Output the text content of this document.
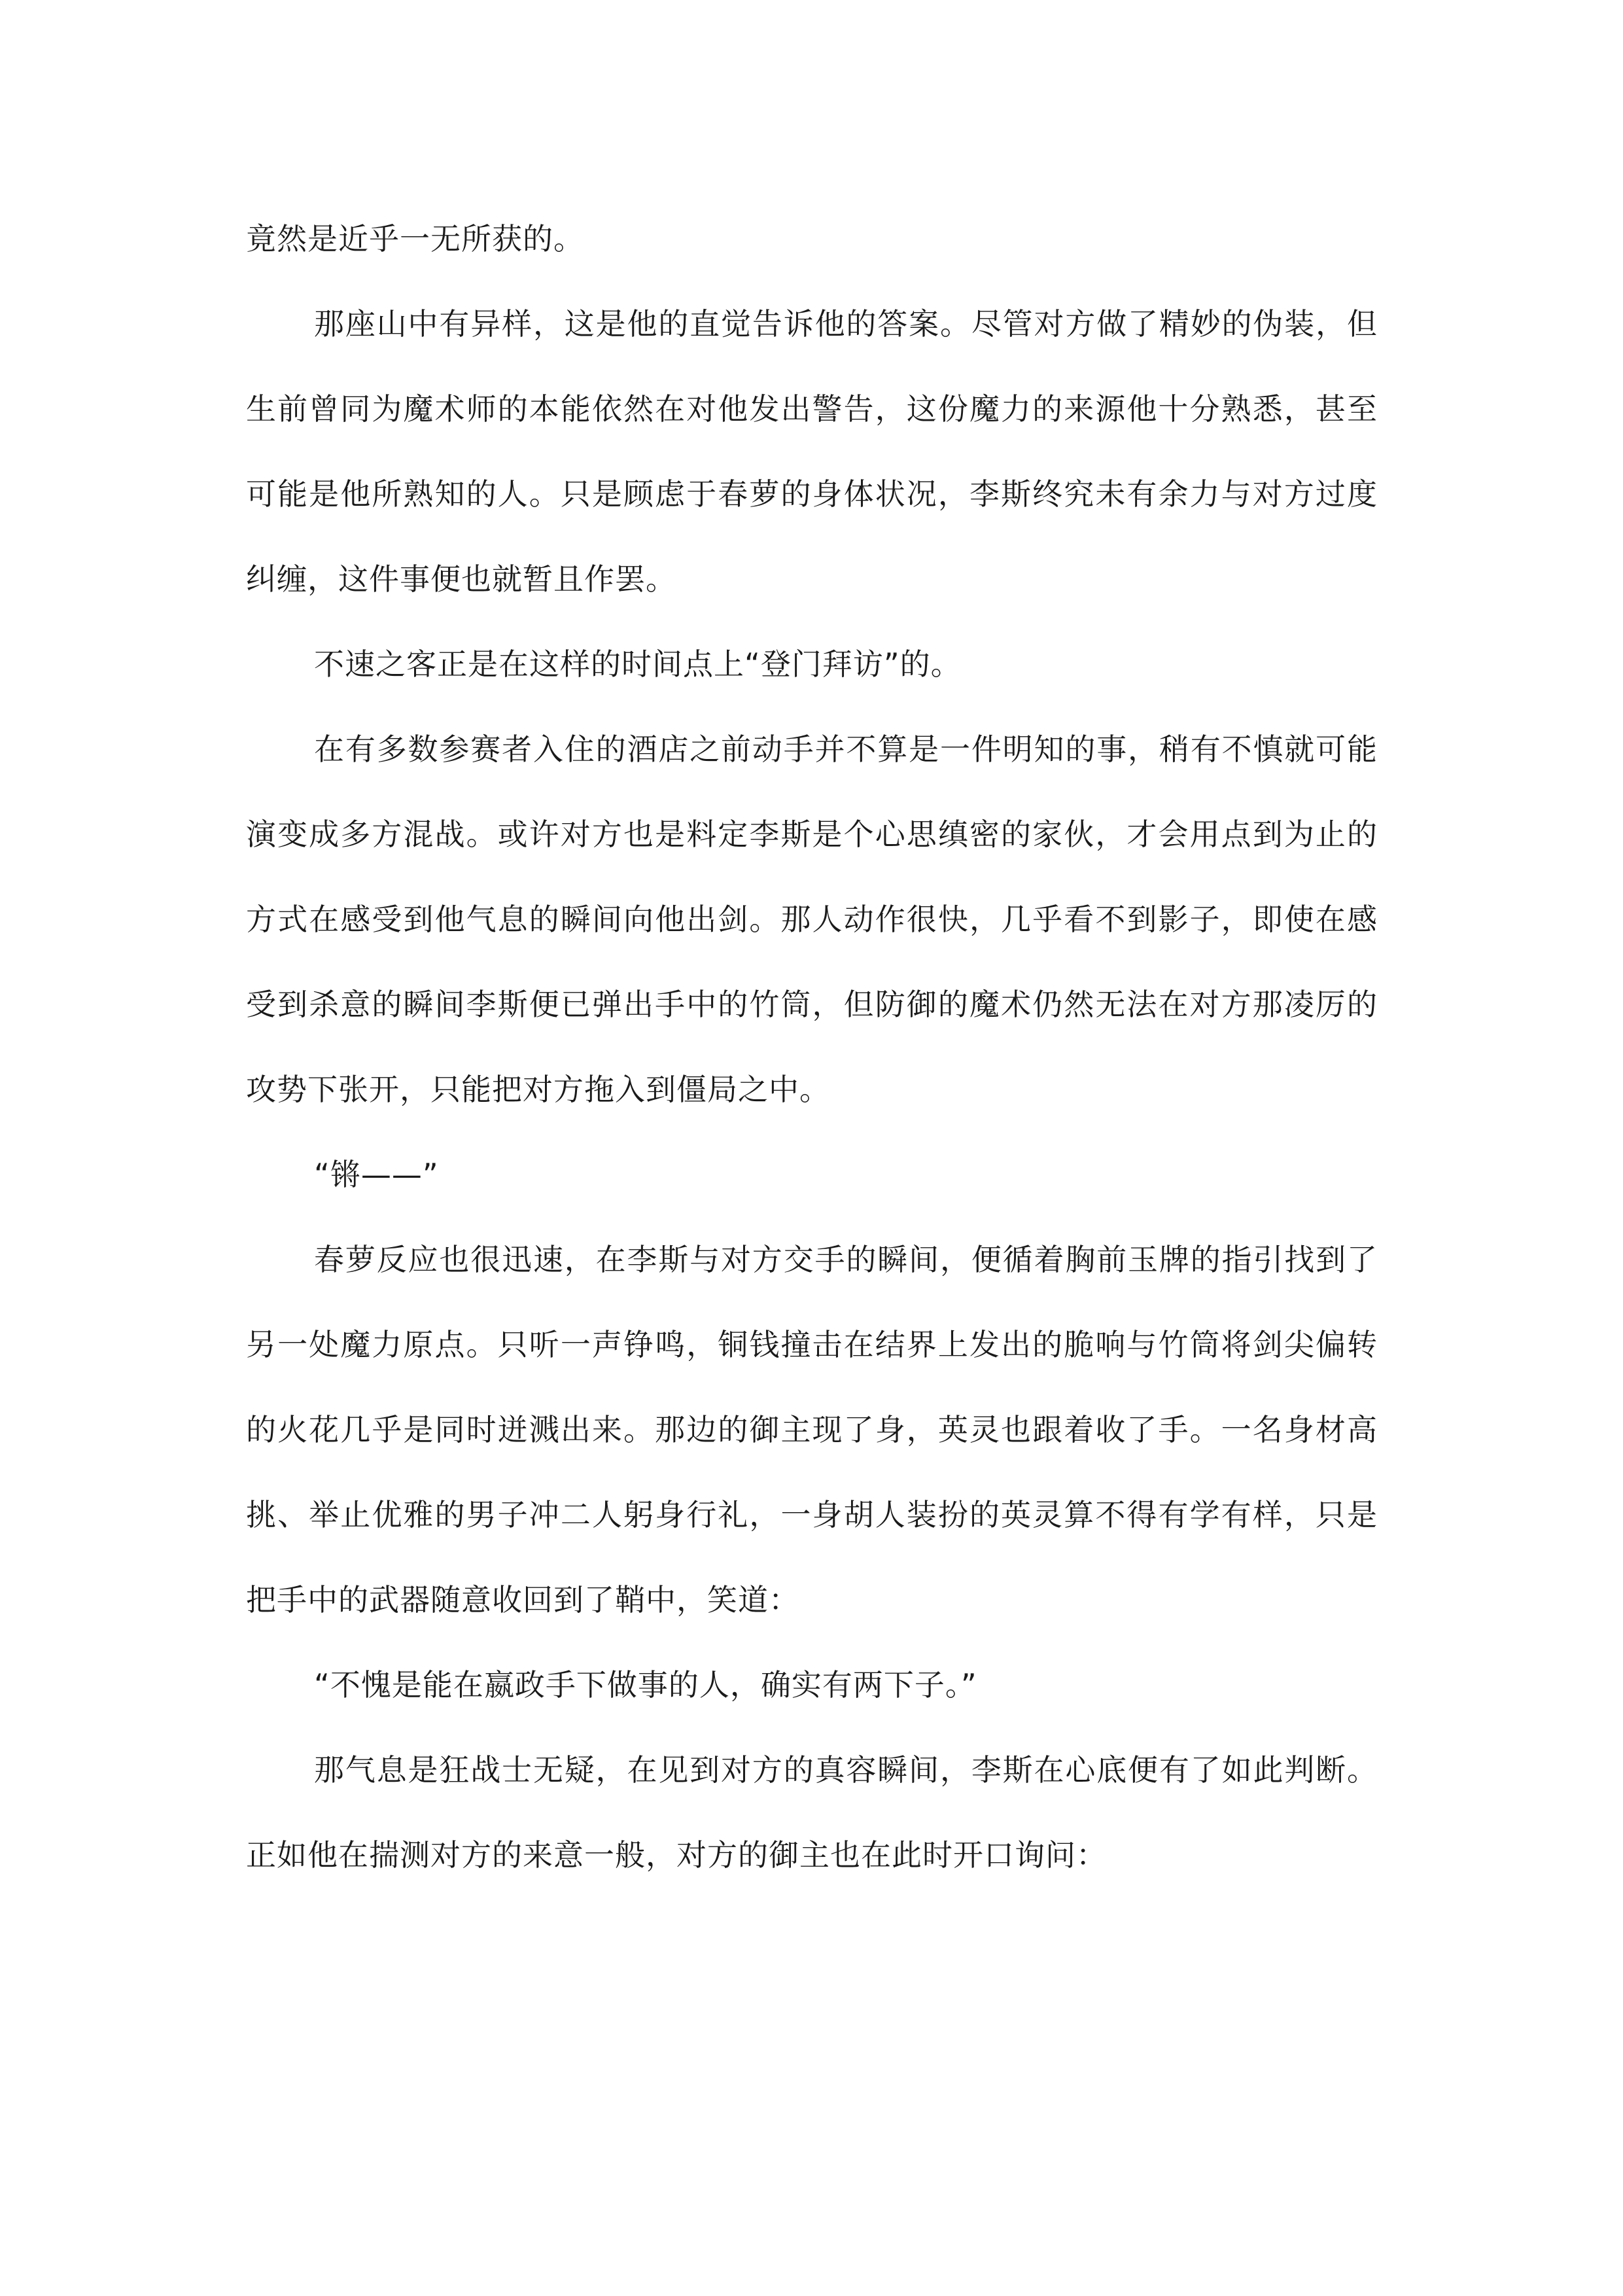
竟然是近乎一无所获的。

那座山中有异样，这是他的直觉告诉他的答案。尽管对方做了精妙的伪装，但生前曾同为魔术师的本能依然在对他发出警告，这份魔力的来源他十分熟悉，甚至可能是他所熟知的人。只是顾虑于春萝的身体状况，李斯终究未有余力与对方过度纠缠，这件事便也就暂且作罢。

不速之客正是在这样的时间点上“登门拜访”的。

在有多数参赛者入住的酒店之前动手并不算是一件明知的事，稍有不慎就可能演变成多方混战。或许对方也是料定李斯是个心思缜密的家伙，才会用点到为止的方式在感受到他气息的瞬间向他出剑。那人动作很快，几乎看不到影子，即使在感受到杀意的瞬间李斯便已弹出手中的竹筒，但防御的魔术仍然无法在对方那凌厉的攻势下张开，只能把对方拖入到僵局之中。

“锵——”

春萝反应也很迅速，在李斯与对方交手的瞬间，便循着胸前玉牌的指引找到了另一处魔力原点。只听一声铮鸣，铜钱撞击在结界上发出的脆响与竹筒将剑尖偏转的火花几乎是同时迸溅出来。那边的御主现了身，英灵也跟着收了手。一名身材高挑、举止优雅的男子冲二人躬身行礼，一身胡人装扮的英灵算不得有学有样，只是把手中的武器随意收回到了鞘中，笑道：

“不愧是能在嬴政手下做事的人，确实有两下子。”

那气息是狂战士无疑，在见到对方的真容瞬间，李斯在心底便有了如此判断。正如他在揣测对方的来意一般，对方的御主也在此时开口询问：
